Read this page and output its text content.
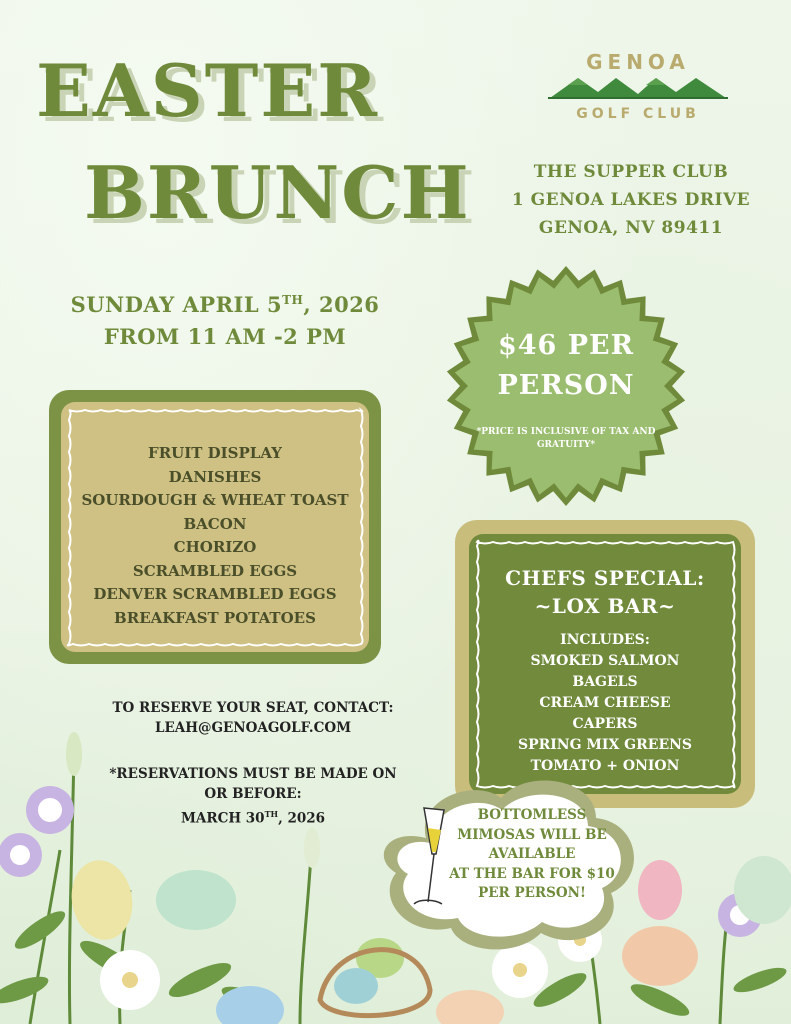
EASTER
BRUNCH
GENOA
GOLF CLUB
THE SUPPER CLUB
1 GENOA LAKES DRIVE
GENOA, NV 89411
SUNDAY APRIL 5TH, 2026
FROM 11 AM -2 PM	$46 PER
PERSON
*PRICE IS INCLUSIVE OF TAX AND GRATUITY*
FRUIT DISPLAY
DANISHES
SOURDOUGH & WHEAT TOAST
BACON
CHORIZO
SCRAMBLED EGGS
DENVER SCRAMBLED EGGS
BREAKFAST POTATOES
CHEFS SPECIAL:
~LOX BAR~
INCLUDES:
SMOKED SALMON
BAGELS
CREAM CHEESE
CAPERS
SPRING MIX GREENS
TOMATO + ONION
TO RESERVE YOUR SEAT, CONTACT:
LEAH@GENOAGOLF.COM
*RESERVATIONS MUST BE MADE ON
OR BEFORE:
MARCH 30TH, 2026	BOTTOMLESS
MIMOSAS WILL BE
AVAILABLE
AT THE BAR FOR $10
PER PERSON!
